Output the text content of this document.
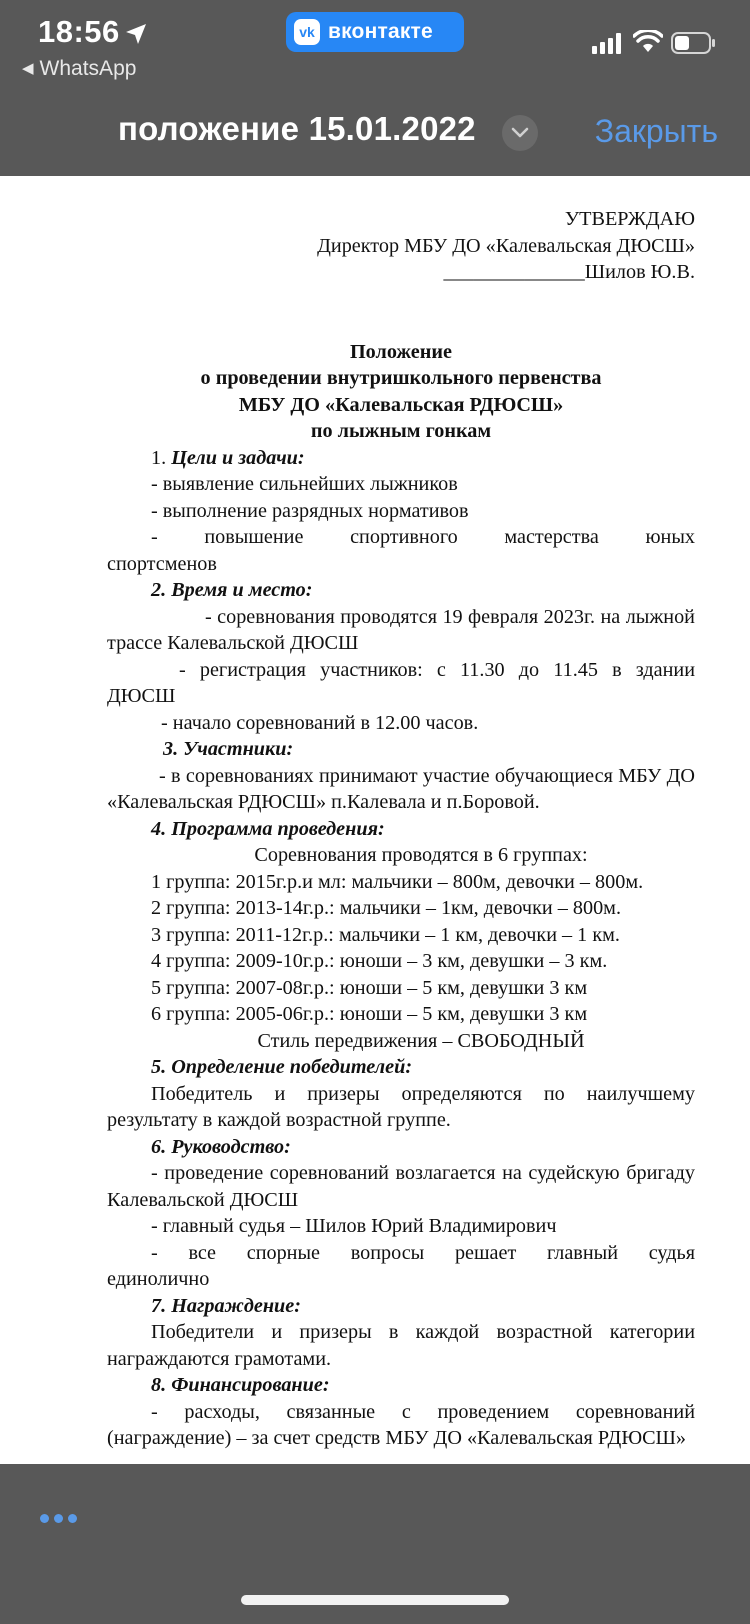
18:56
◀ WhatsApp
vk вконтакте
положение 15.01.2022	Закрыть
УТВЕРЖДАЮ
Директор МБУ ДО «Калевальская ДЮСШ»
______________Шилов Ю.В.
Положение
о проведении внутришкольного первенства
МБУ ДО «Калевальская РДЮСШ»
по лыжным гонкам
1. Цели и задачи:
- выявление сильнейших лыжников
- выполнение разрядных нормативов
- повышение спортивного мастерства юных спортсменов
2. Время и место:
- соревнования проводятся 19 февраля 2023г. на лыжной трассе Калевальской ДЮСШ
- регистрация участников: с 11.30 до 11.45 в здании ДЮСШ
- начало соревнований в 12.00 часов.
3. Участники:
- в соревнованиях принимают участие обучающиеся МБУ ДО «Калевальская РДЮСШ» п.Калевала и п.Боровой.
4. Программа проведения:
Соревнования проводятся в 6 группах:
1 группа: 2015г.р.и мл: мальчики – 800м, девочки – 800м.
2 группа: 2013-14г.р.: мальчики – 1км, девочки – 800м.
3 группа: 2011-12г.р.: мальчики – 1 км, девочки – 1 км.
4 группа: 2009-10г.р.: юноши – 3 км, девушки – 3 км.
5 группа: 2007-08г.р.: юноши – 5 км, девушки 3 км
6 группа: 2005-06г.р.: юноши – 5 км, девушки 3 км
Стиль передвижения – СВОБОДНЫЙ
5. Определение победителей:
Победитель и призеры определяются по наилучшему результату в каждой возрастной группе.
6. Руководство:
- проведение соревнований возлагается на судейскую бригаду Калевальской ДЮСШ
- главный судья – Шилов Юрий Владимирович
- все спорные вопросы решает главный судья единолично
7. Награждение:
Победители и призеры в каждой возрастной категории награждаются грамотами.
8. Финансирование:
- расходы, связанные с проведением соревнований (награждение) – за счет средств МБУ ДО «Калевальская РДЮСШ»
